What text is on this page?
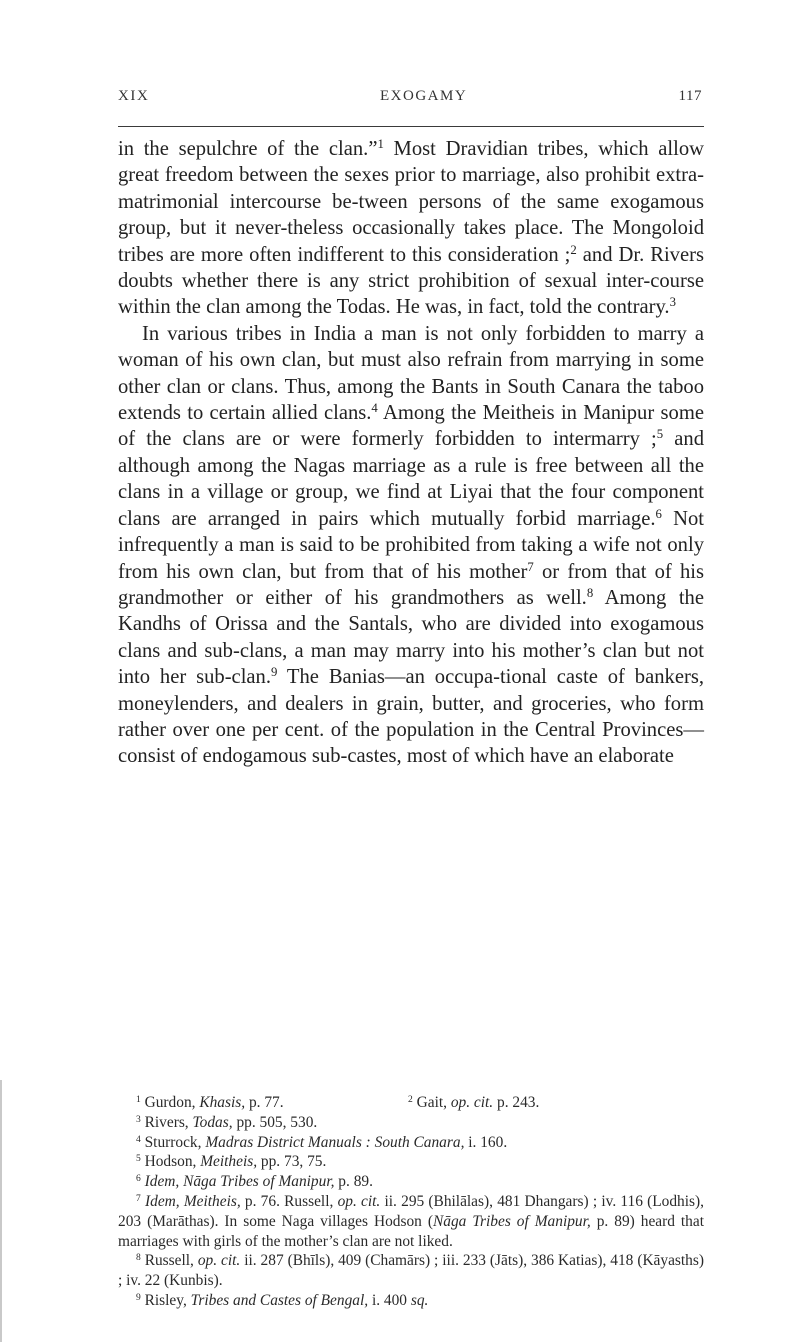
XIX	EXOGAMY	117

in the sepulchre of the clan.”$^1$ Most Dravidian tribes, which allow great freedom between the sexes prior to marriage, also prohibit extra-matrimonial intercourse be-tween persons of the same exogamous group, but it never-theless occasionally takes place. The Mongoloid tribes are more often indifferent to this consideration ;$^2$ and Dr. Rivers doubts whether there is any strict prohibition of sexual inter-course within the clan among the Todas. He was, in fact, told the contrary.$^3$

In various tribes in India a man is not only forbidden to marry a woman of his own clan, but must also refrain from marrying in some other clan or clans. Thus, among the Bants in South Canara the taboo extends to certain allied clans.$^4$ Among the Meitheis in Manipur some of the clans are or were formerly forbidden to intermarry ;$^5$ and although among the Nagas marriage as a rule is free between all the clans in a village or group, we find at Liyai that the four component clans are arranged in pairs which mutually forbid marriage.$^6$ Not infrequently a man is said to be prohibited from taking a wife not only from his own clan, but from that of his mother$^7$ or from that of his grandmother or either of his grandmothers as well.$^8$ Among the Kandhs of Orissa and the Santals, who are divided into exogamous clans and sub-clans, a man may marry into his mother’s clan but not into her sub-clan.$^9$ The Banias—an occupa-tional caste of bankers, moneylenders, and dealers in grain, butter, and groceries, who form rather over one per cent. of the population in the Central Provinces—consist of endogamous sub-castes, most of which have an elaborate

$^1$ Gurdon, Khasis, p. 77.	$^2$ Gait, op. cit. p. 243.
$^3$ Rivers, Todas, pp. 505, 530.
$^4$ Sturrock, Madras District Manuals : South Canara, i. 160.
$^5$ Hodson, Meitheis, pp. 73, 75.
$^6$ Idem, Nāga Tribes of Manipur, p. 89.
$^7$ Idem, Meitheis, p. 76. Russell, op. cit. ii. 295 (Bhilālas), 481 Dhangars) ; iv. 116 (Lodhis), 203 (Marāthas). In some Naga villages Hodson (Nāga Tribes of Manipur, p. 89) heard that marriages with girls of the mother’s clan are not liked.
$^8$ Russell, op. cit. ii. 287 (Bhīls), 409 (Chamārs) ; iii. 233 (Jāts), 386 Katias), 418 (Kāyasths) ; iv. 22 (Kunbis).
$^9$ Risley, Tribes and Castes of Bengal, i. 400 sq.
